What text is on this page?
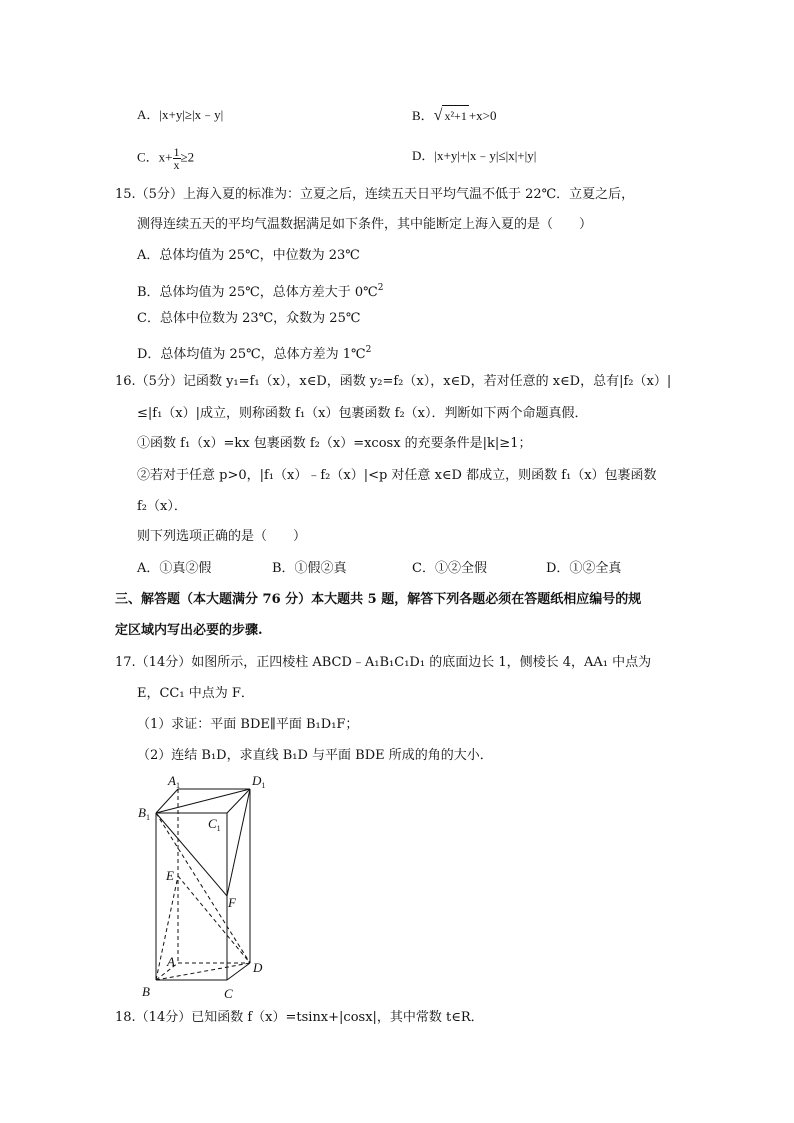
A．|x+y|≥|x﹣y|	B．√ x²+1 +x>0
C．$x+ \frac{1}{x} \ge 2$	D．|x+y|+|x﹣y|≤|x|+|y|
15.（5分）上海入夏的标准为：立夏之后，连续五天日平均气温不低于 22℃．立夏之后，
测得连续五天的平均气温数据满足如下条件，其中能断定上海入夏的是（　　）
A．总体均值为 25℃，中位数为 23℃
B．总体均值为 25℃，总体方差大于 0℃$^2$
C．总体中位数为 23℃，众数为 25℃
D．总体均值为 25℃，总体方差为 1℃$^2$
16.（5分）记函数 y₁=f₁（x），x∈D，函数 y₂=f₂（x），x∈D，若对任意的 x∈D，总有|f₂（x）|
≤|f₁（x）|成立，则称函数 f₁（x）包裹函数 f₂（x）．判断如下两个命题真假．
①函数 f₁（x）=kx 包裹函数 f₂（x）=xcosx 的充要条件是|k|≥1；
②若对于任意 p>0，|f₁（x）﹣f₂（x）|<p 对任意 x∈D 都成立，则函数 f₁（x）包裹函数
f₂（x）．
则下列选项正确的是（　　）
A．①真②假	B．①假②真	C．①②全假	D．①②全真
三、解答题（本大题满分 76 分）本大题共 5 题，解答下列各题必须在答题纸相应编号的规
定区域内写出必要的步骤.
17.（14分）如图所示，正四棱柱 ABCD﹣A₁B₁C₁D₁ 的底面边长 1，侧棱长 4，AA₁ 中点为
E，CC₁ 中点为 F．
（1）求证：平面 BDE∥平面 B₁D₁F；
（2）连结 B₁D，求直线 B₁D 与平面 BDE 所成的角的大小．
$A_1$	$D_1$
$B_1$	$C_1$
E
F
A	D
B	C
18.（14分）已知函数 f（x）=tsinx+|cosx|，其中常数 t∈R．
